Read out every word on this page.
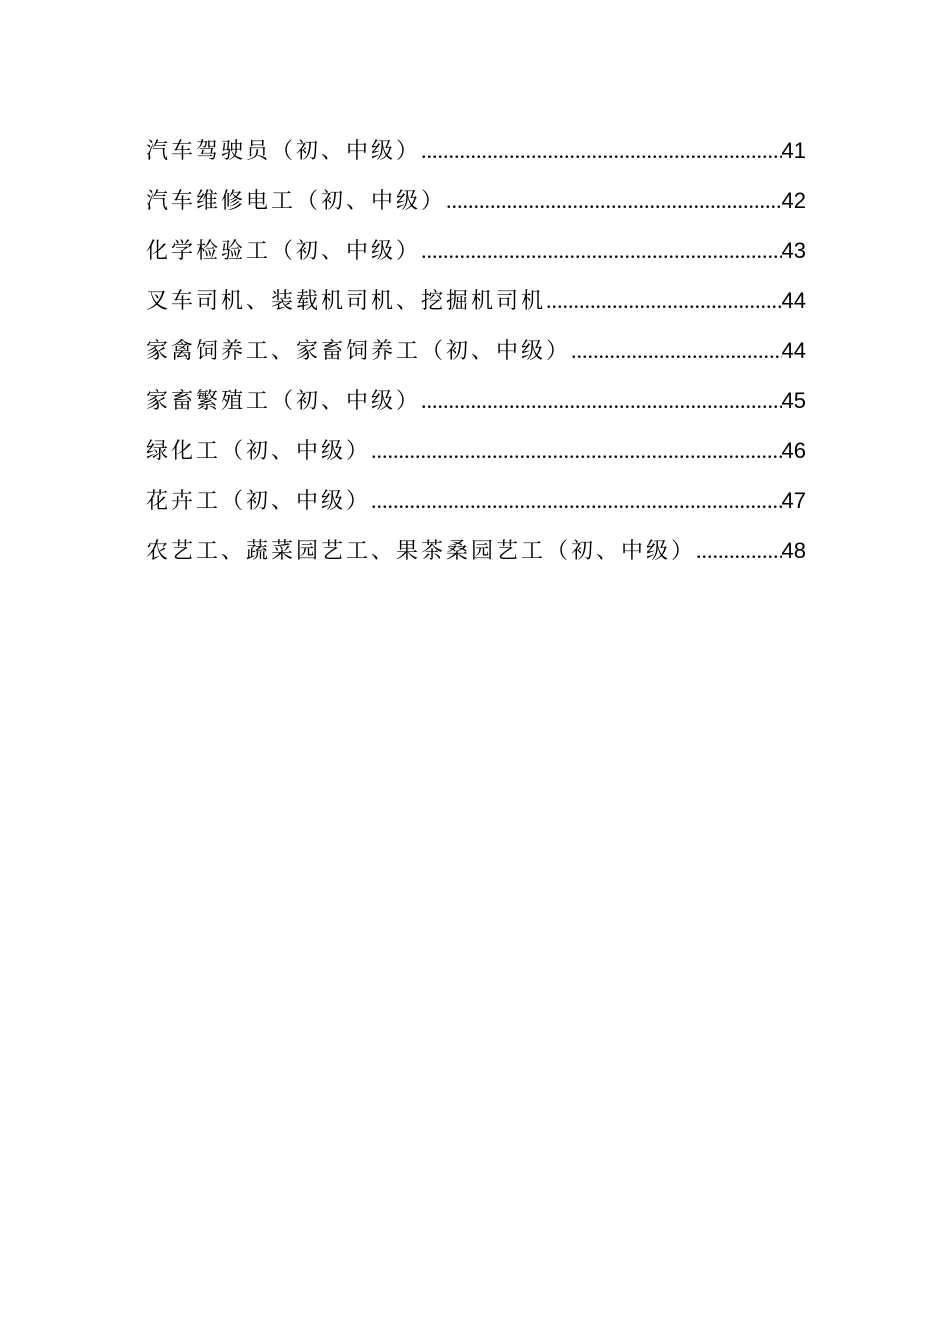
汽车驾驶员（初、中级） .....	41
汽车维修电工（初、中级） .....	42
化学检验工（初、中级） .....	43
叉车司机、装载机司机、挖掘机司机 .....	44
家禽饲养工、家畜饲养工（初、中级） .....	44
家畜繁殖工（初、中级） .....	45
绿化工（初、中级） .....	46
花卉工（初、中级） .....	47
农艺工、蔬菜园艺工、果茶桑园艺工（初、中级） .....	48
